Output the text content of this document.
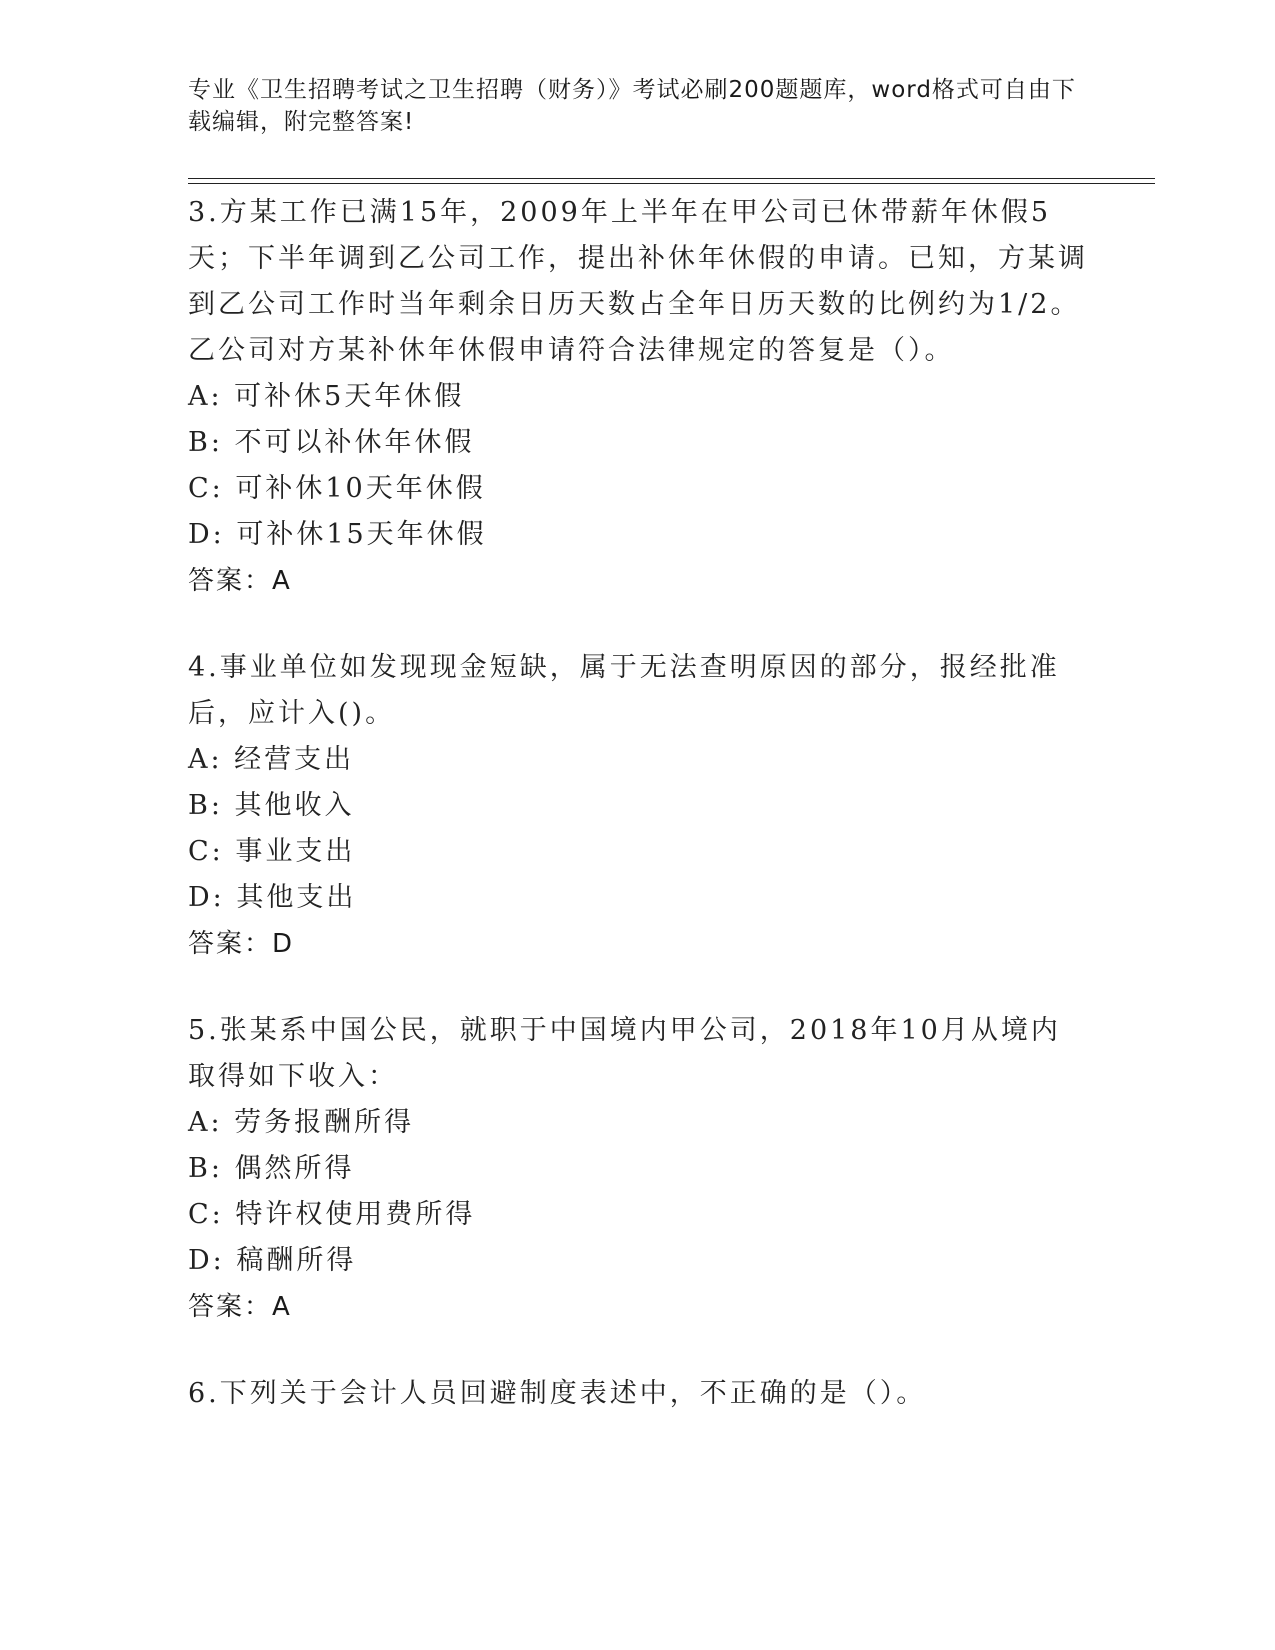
专业《卫生招聘考试之卫生招聘（财务）》考试必刷200题题库，word格式可自由下载编辑，附完整答案!
3.方某工作已满15年，2009年上半年在甲公司已休带薪年休假5天；下半年调到乙公司工作，提出补休年休假的申请。已知，方某调到乙公司工作时当年剩余日历天数占全年日历天数的比例约为1/2。乙公司对方某补休年休假申请符合法律规定的答复是（）。
A: 可补休5天年休假
B: 不可以补休年休假
C: 可补休10天年休假
D: 可补休15天年休假
答案：A
4.事业单位如发现现金短缺，属于无法查明原因的部分，报经批准后，应计入()。
A: 经营支出
B: 其他收入
C: 事业支出
D: 其他支出
答案：D
5.张某系中国公民，就职于中国境内甲公司，2018年10月从境内取得如下收入：
A: 劳务报酬所得
B: 偶然所得
C: 特许权使用费所得
D: 稿酬所得
答案：A
6.下列关于会计人员回避制度表述中，不正确的是（）。
